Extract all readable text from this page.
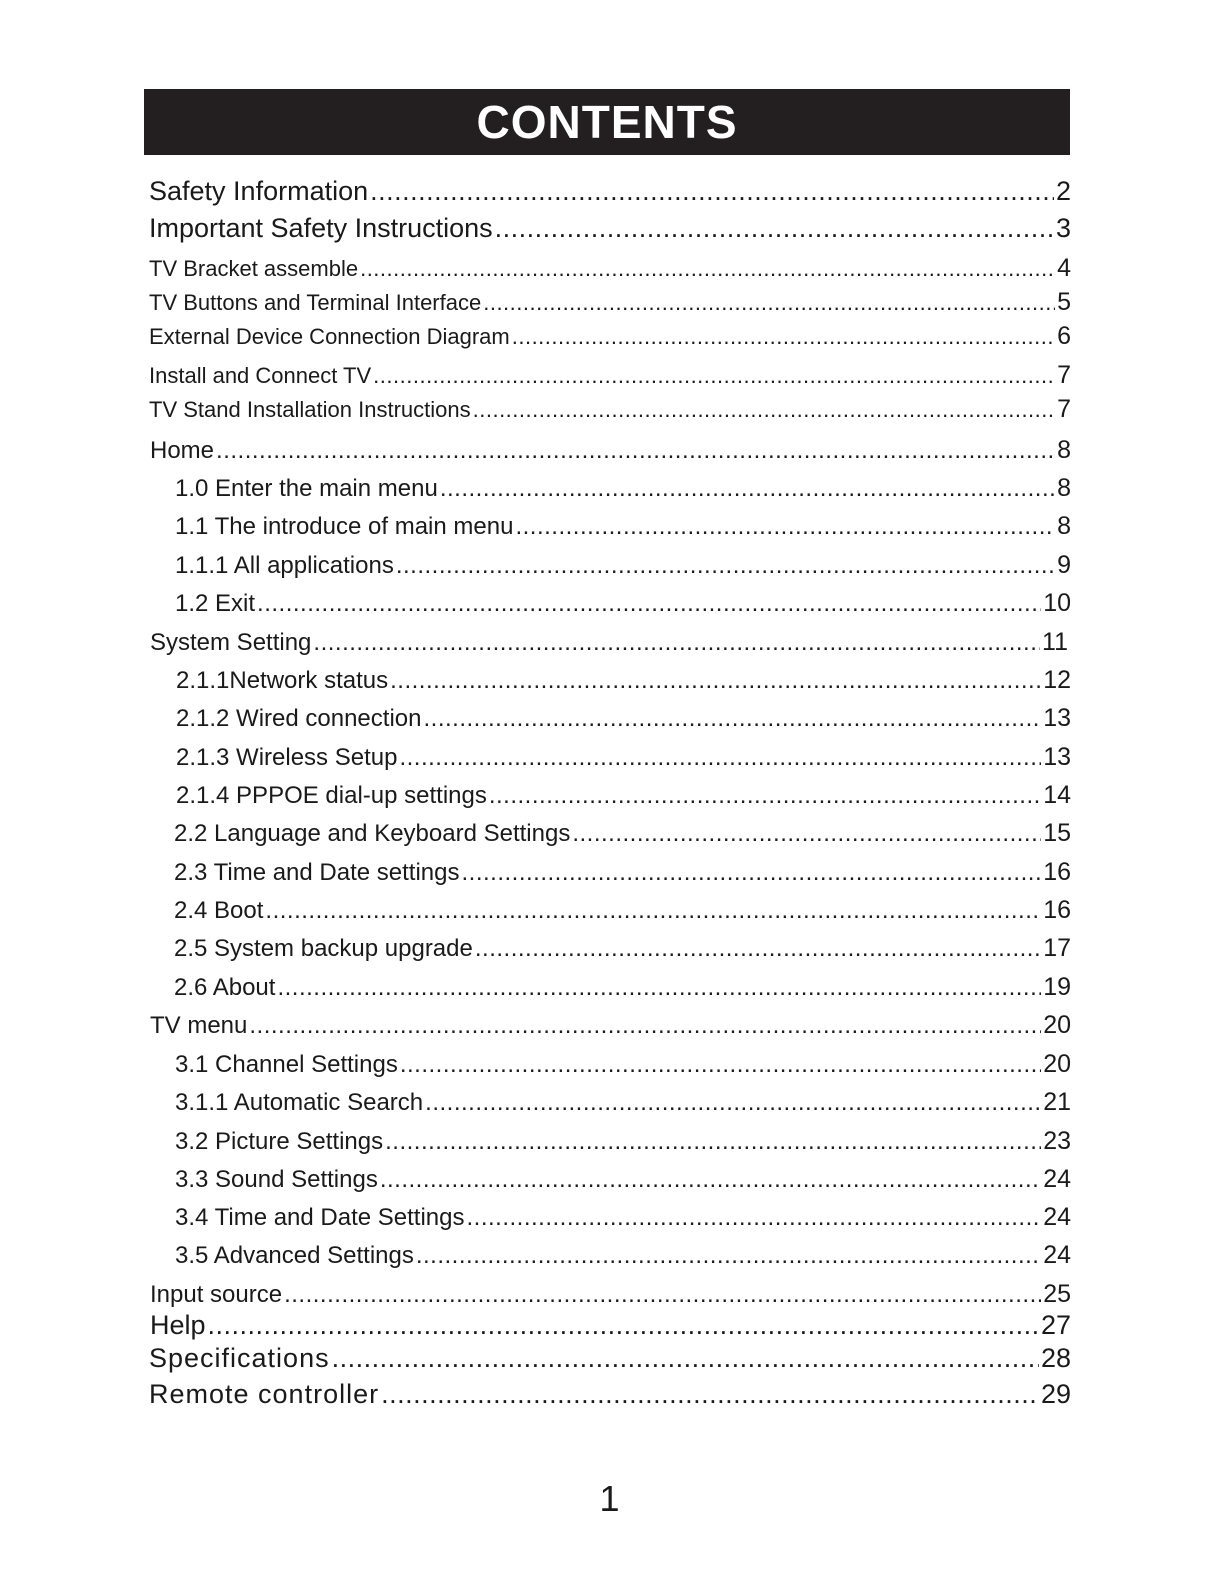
CONTENTS
Safety Information .....	2
Important Safety Instructions .....	3
TV Bracket assemble .....	4
TV Buttons and Terminal Interface .....	5
External Device Connection Diagram .....	6
Install and Connect TV .....	7
TV Stand Installation Instructions .....	7
Home .....	8
1.0 Enter the main menu .....	8
1.1 The introduce of main menu .....	8
1.1.1 All applications .....	9
1.2 Exit .....	10
System Setting .....	11
2.1.1Network status .....	12
2.1.2 Wired connection .....	13
2.1.3 Wireless Setup .....	13
2.1.4 PPPOE dial-up settings .....	14
2.2 Language and Keyboard Settings .....	15
2.3 Time and Date settings .....	16
2.4 Boot .....	16
2.5 System backup upgrade .....	17
2.6 About .....	19
TV menu .....	20
3.1 Channel Settings .....	20
3.1.1 Automatic Search .....	21
3.2 Picture Settings .....	23
3.3 Sound Settings .....	24
3.4 Time and Date Settings .....	24
3.5 Advanced Settings .....	24
Input source .....	25
Help .....	27
Specifications .....	28
Remote controller .....	29
1
